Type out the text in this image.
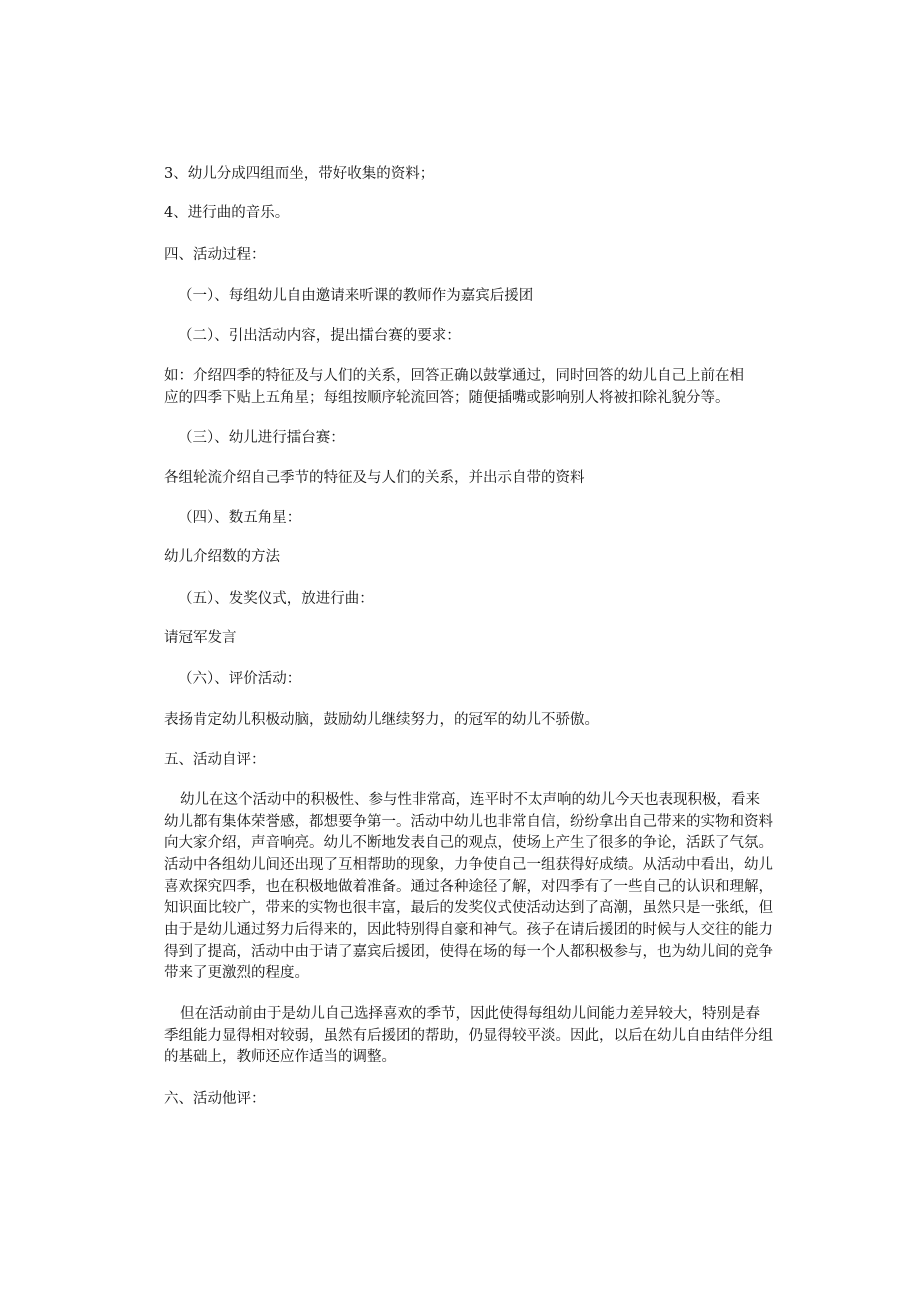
3、幼儿分成四组而坐，带好收集的资料；
4、进行曲的音乐。
四、活动过程：
（一）、每组幼儿自由邀请来听课的教师作为嘉宾后援团
（二）、引出活动内容，提出擂台赛的要求：
如：介绍四季的特征及与人们的关系，回答正确以鼓掌通过，同时回答的幼儿自己上前在相
应的四季下贴上五角星；每组按顺序轮流回答；随便插嘴或影响别人将被扣除礼貌分等。
（三）、幼儿进行擂台赛：
各组轮流介绍自己季节的特征及与人们的关系，并出示自带的资料
（四）、数五角星：
幼儿介绍数的方法
（五）、发奖仪式，放进行曲：
请冠军发言
（六）、评价活动：
表扬肯定幼儿积极动脑，鼓励幼儿继续努力，的冠军的幼儿不骄傲。
五、活动自评：
幼儿在这个活动中的积极性、参与性非常高，连平时不太声响的幼儿今天也表现积极，看来
幼儿都有集体荣誉感，都想要争第一。活动中幼儿也非常自信，纷纷拿出自己带来的实物和资料
向大家介绍，声音响亮。幼儿不断地发表自己的观点，使场上产生了很多的争论，活跃了气氛。
活动中各组幼儿间还出现了互相帮助的现象，力争使自己一组获得好成绩。从活动中看出，幼儿
喜欢探究四季，也在积极地做着准备。通过各种途径了解，对四季有了一些自己的认识和理解，
知识面比较广，带来的实物也很丰富，最后的发奖仪式使活动达到了高潮，虽然只是一张纸，但
由于是幼儿通过努力后得来的，因此特别得自豪和神气。孩子在请后援团的时候与人交往的能力
得到了提高，活动中由于请了嘉宾后援团，使得在场的每一个人都积极参与，也为幼儿间的竞争
带来了更激烈的程度。
但在活动前由于是幼儿自己选择喜欢的季节，因此使得每组幼儿间能力差异较大，特别是春
季组能力显得相对较弱，虽然有后援团的帮助，仍显得较平淡。因此，以后在幼儿自由结伴分组
的基础上，教师还应作适当的调整。
六、活动他评：
